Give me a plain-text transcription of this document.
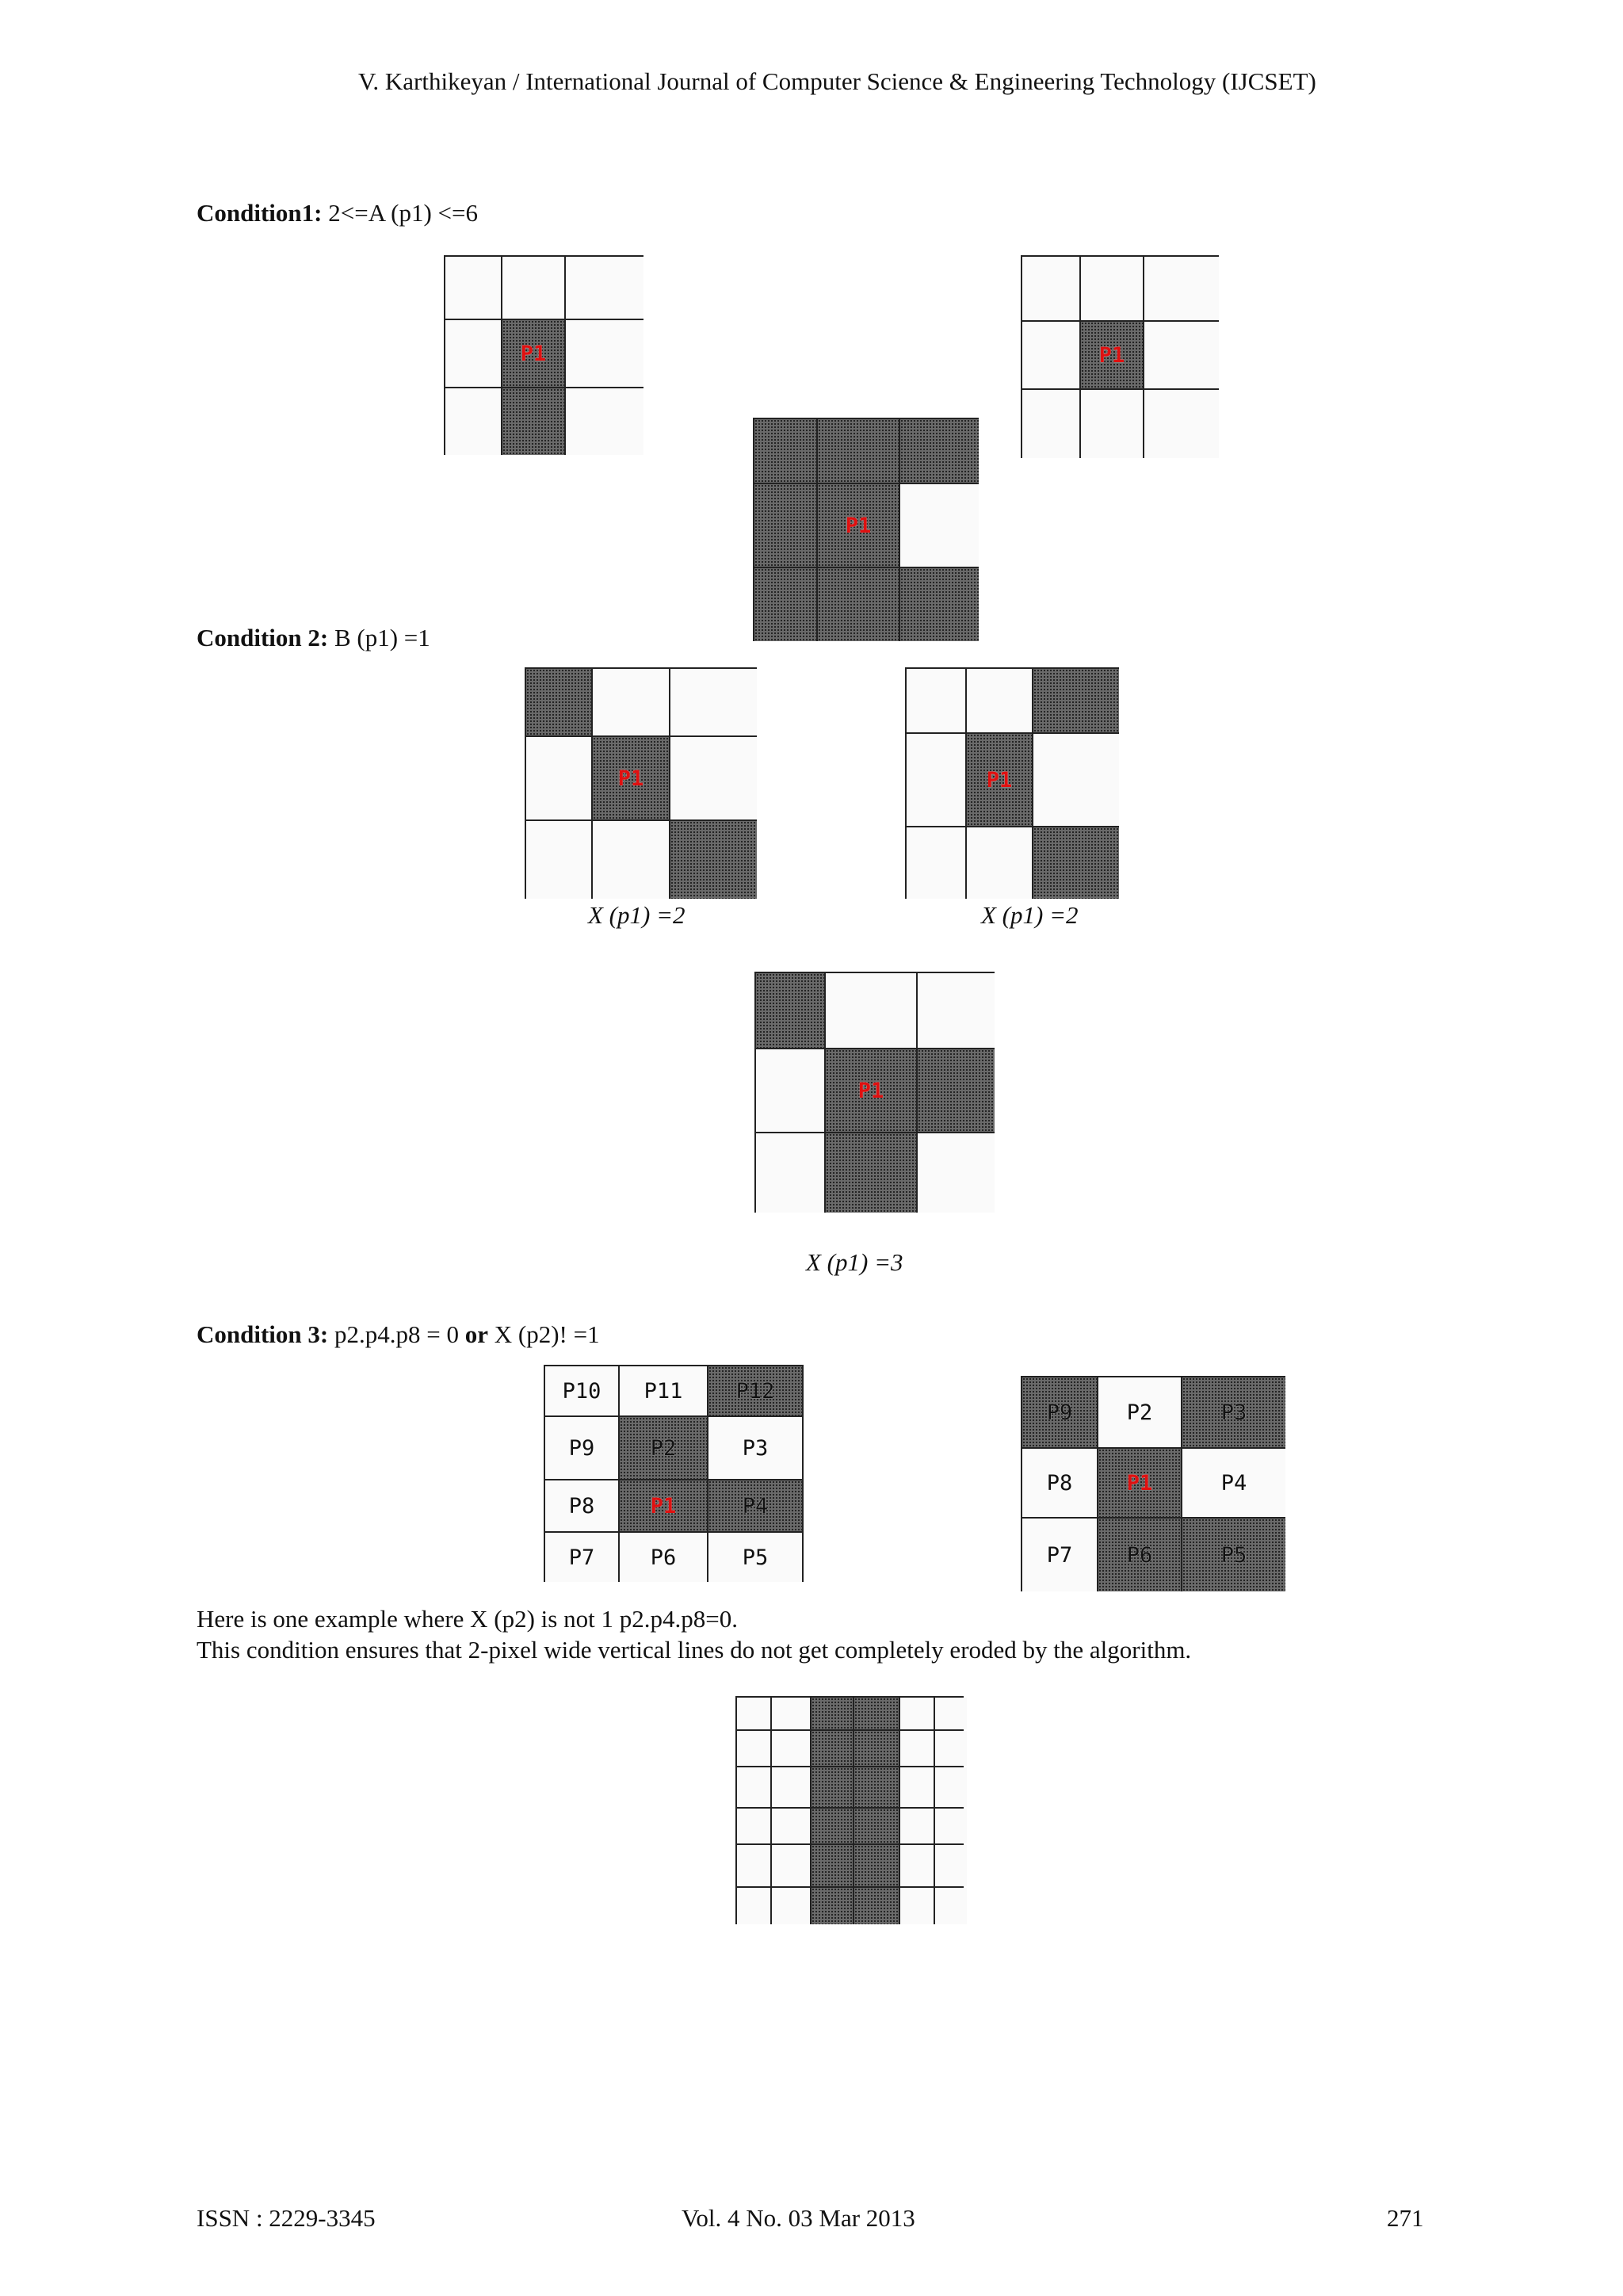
V. Karthikeyan / International Journal of Computer Science & Engineering Technology (IJCSET)
Condition1: 2<=A (p1) <=6
P1	P1
P1
Condition 2: B (p1) =1
P1	P1
X (p1) =2	X (p1) =2
P1
X (p1) =3
Condition 3: p2.p4.p8 = 0 or X (p2)! =1
P10 P11 P12
P9	P2	P3
P8	P1	P4
P7	P6	P5
P9	P2	P3
P8	P1	P4
P7	P6	P5
Here is one example where X (p2) is not 1 p2.p4.p8=0.
This condition ensures that 2-pixel wide vertical lines do not get completely eroded by the algorithm.
ISSN : 2229-3345	Vol. 4 No. 03 Mar 2013	271
